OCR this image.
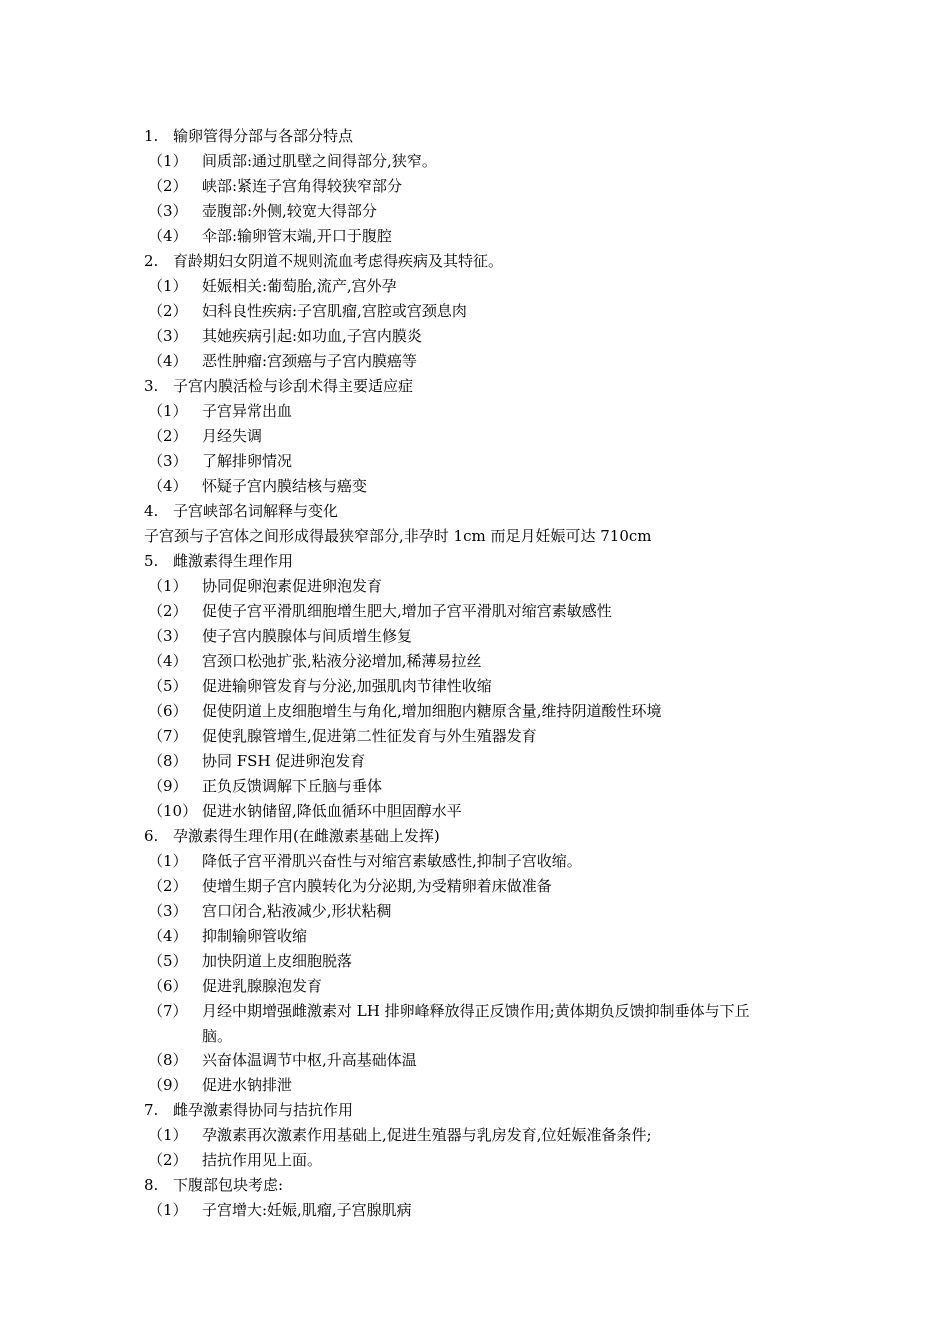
1. 输卵管得分部与各部分特点
（1） 间质部:通过肌壁之间得部分,狭窄。
（2） 峡部:紧连子宫角得较狭窄部分
（3） 壶腹部:外侧,较宽大得部分
（4） 伞部:输卵管末端,开口于腹腔
2. 育龄期妇女阴道不规则流血考虑得疾病及其特征。
（1） 妊娠相关:葡萄胎,流产,宫外孕
（2） 妇科良性疾病:子宫肌瘤,宫腔或宫颈息肉
（3） 其她疾病引起:如功血,子宫内膜炎
（4） 恶性肿瘤:宫颈癌与子宫内膜癌等
3. 子宫内膜活检与诊刮术得主要适应症
（1） 子宫异常出血
（2） 月经失调
（3） 了解排卵情况
（4） 怀疑子宫内膜结核与癌变
4. 子宫峡部名词解释与变化
子宫颈与子宫体之间形成得最狭窄部分,非孕时 1cm 而足月妊娠可达 710cm
5. 雌激素得生理作用
（1） 协同促卵泡素促进卵泡发育
（2） 促使子宫平滑肌细胞增生肥大,增加子宫平滑肌对缩宫素敏感性
（3） 使子宫内膜腺体与间质增生修复
（4） 宫颈口松弛扩张,粘液分泌增加,稀薄易拉丝
（5） 促进输卵管发育与分泌,加强肌肉节律性收缩
（6） 促使阴道上皮细胞增生与角化,增加细胞内糖原含量,维持阴道酸性环境
（7） 促使乳腺管增生,促进第二性征发育与外生殖器发育
（8） 协同 FSH 促进卵泡发育
（9） 正负反馈调解下丘脑与垂体
（10） 促进水钠储留,降低血循环中胆固醇水平
6. 孕激素得生理作用(在雌激素基础上发挥)
（1） 降低子宫平滑肌兴奋性与对缩宫素敏感性,抑制子宫收缩。
（2） 使增生期子宫内膜转化为分泌期,为受精卵着床做准备
（3） 宫口闭合,粘液减少,形状粘稠
（4） 抑制输卵管收缩
（5） 加快阴道上皮细胞脱落
（6） 促进乳腺腺泡发育
（7） 月经中期增强雌激素对 LH 排卵峰释放得正反馈作用;黄体期负反馈抑制垂体与下丘
脑。
（8） 兴奋体温调节中枢,升高基础体温
（9） 促进水钠排泄
7. 雌孕激素得协同与拮抗作用
（1） 孕激素再次激素作用基础上,促进生殖器与乳房发育,位妊娠准备条件;
（2） 拮抗作用见上面。
8. 下腹部包块考虑:
（1） 子宫增大:妊娠,肌瘤,子宫腺肌病
